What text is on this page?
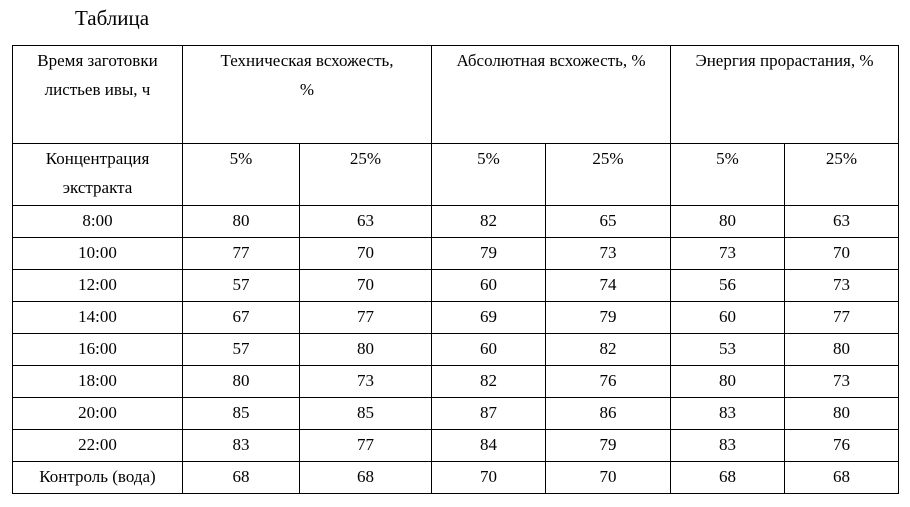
Таблица
Время заготовки листьев ивы, ч	Техническая всхожесть, %		Абсолютная всхожесть, %		Энергия прорастания, %	

Концентрация экстракта	5%	25%	5%	25%	5%	25%
8:00	80	63	82	65	80	63
10:00	77	70	79	73	73	70
12:00	57	70	60	74	56	73
14:00	67	77	69	79	60	77
16:00	57	80	60	82	53	80
18:00	80	73	82	76	80	73
20:00	85	85	87	86	83	80
22:00	83	77	84	79	83	76
Контроль (вода)	68	68	70	70	68	68
